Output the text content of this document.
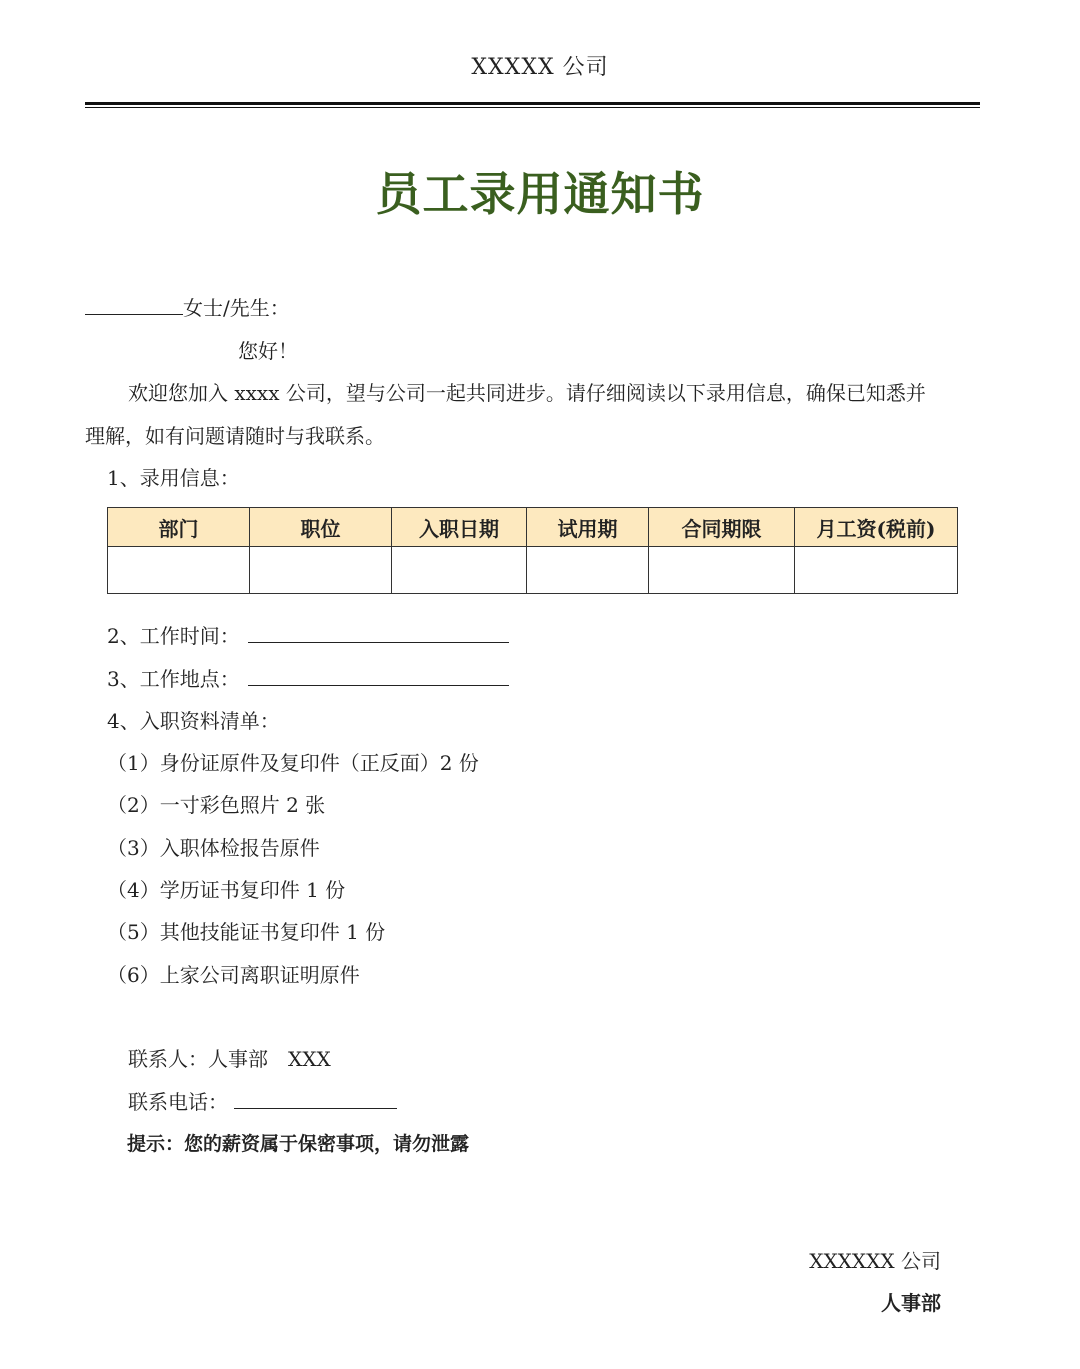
XXXXX 公司
员工录用通知书
女士/先生：
您好！
欢迎您加入 xxxx 公司，望与公司一起共同进步。请仔细阅读以下录用信息，确保已知悉并
理解，如有问题请随时与我联系。
1、录用信息：
部门	职位	入职日期	试用期	合同期限	月工资(税前)

2、工作时间：
3、工作地点：
4、入职资料清单：
（1）身份证原件及复印件（正反面）2 份
（2）一寸彩色照片 2 张
（3）入职体检报告原件
（4）学历证书复印件 1 份
（5）其他技能证书复印件 1 份
（6）上家公司离职证明原件
联系人：人事部　XXX
联系电话：
提示：您的薪资属于保密事项，请勿泄露
XXXXXX 公司
人事部
